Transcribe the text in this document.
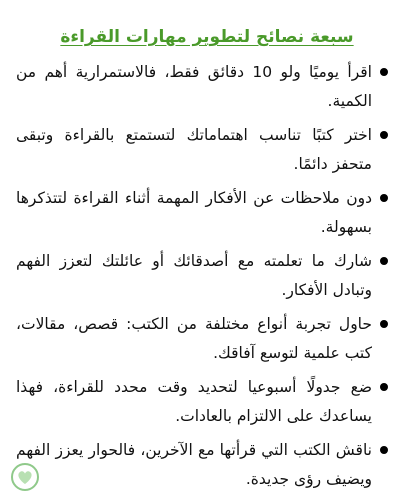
سبعة نصائح لتطوير مهارات القراءة
اقرأ يوميًا ولو 10 دقائق فقط، فالاستمرارية أهم من الكمية.
اختر كتبًا تناسب اهتماماتك لتستمتع بالقراءة وتبقى متحفز دائمًا.
دون ملاحظات عن الأفكار المهمة أثناء القراءة لتتذكرها بسهولة.
شارك ما تعلمته مع أصدقائك أو عائلتك لتعزز الفهم وتبادل الأفكار.
حاول تجربة أنواع مختلفة من الكتب: قصص، مقالات، كتب علمية لتوسع آفاقك.
ضع جدولًا أسبوعيا لتحديد وقت محدد للقراءة، فهذا يساعدك على الالتزام بالعادات.
ناقش الكتب التي قرأتها مع الآخرين، فالحوار يعزز الفهم ويضيف رؤى جديدة.
